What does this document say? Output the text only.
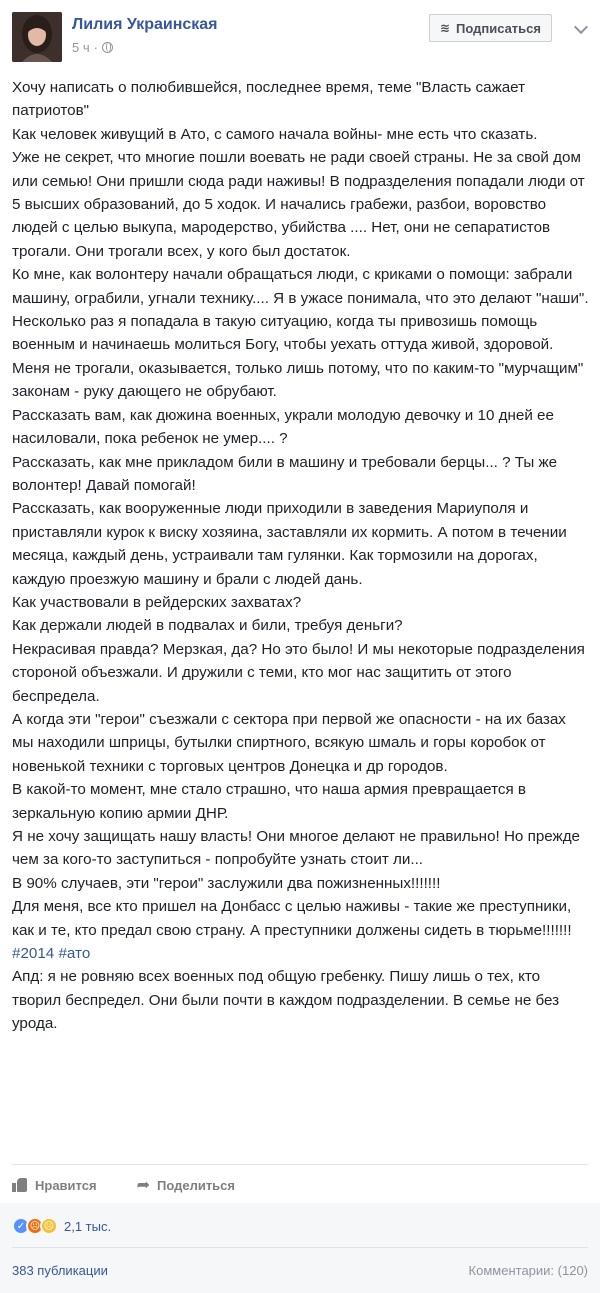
Лилия Украинская
5 ч ·
≋ Подписаться

Хочу написать о полюбившейся, последнее время, теме "Власть сажает патриотов"

Как человек живущий в Ато, с самого начала войны- мне есть что сказать.

Уже не секрет, что многие пошли воевать не ради своей страны. Не за свой дом или семью! Они пришли сюда ради наживы! В подразделения попадали люди от 5 высших образований, до 5 ходок. И начались грабежи, разбои, воровство людей с целью выкупа, мародерство, убийства .... Нет, они не сепаратистов трогали. Они трогали всех, у кого был достаток.

Ко мне, как волонтеру начали обращаться люди, с криками о помощи: забрали машину, ограбили, угнали технику.... Я в ужасе понимала, что это делают "наши".

Несколько раз я попадала в такую ситуацию, когда ты привозишь помощь военным и начинаешь молиться Богу, чтобы уехать оттуда живой, здоровой. Меня не трогали, оказывается, только лишь потому, что по каким-то "мурчащим" законам - руку дающего не обрубают.

Рассказать вам, как дюжина военных, украли молодую девочку и 10 дней ее насиловали, пока ребенок не умер.... ?

Рассказать, как мне прикладом били в машину и требовали берцы... ? Ты же волонтер! Давай помогай!

Рассказать, как вооруженные люди приходили в заведения Мариуполя и приставляли курок к виску хозяина, заставляли их кормить. А потом в течении месяца, каждый день, устраивали там гулянки. Как тормозили на дорогах, каждую проезжую машину и брали с людей дань.

Как участвовали в рейдерских захватах?

Как держали людей в подвалах и били, требуя деньги?

Некрасивая правда? Мерзкая, да? Но это было! И мы некоторые подразделения стороной объезжали. И дружили с теми, кто мог нас защитить от этого беспредела.

А когда эти "герои" съезжали с сектора при первой же опасности - на их базах мы находили шприцы, бутылки спиртного, всякую шмаль и горы коробок от новенькой техники с торговых центров Донецка и др городов.

В какой-то момент, мне стало страшно, что наша армия превращается в зеркальную копию армии ДНР.

Я не хочу защищать нашу власть! Они многое делают не правильно! Но прежде чем за кого-то заступиться - попробуйте узнать стоит ли...

В 90% случаев, эти "герои" заслужили два пожизненных!!!!!!!

Для меня, все кто пришел на Донбасс с целью наживы - такие же преступники, как и те, кто предал свою страну. А преступники должены сидеть в тюрьме!!!!!!!

#2014 #ато

Апд: я не ровняю всех военных под общую гребенку. Пишу лишь о тех, кто творил беспредел. Они были почти в каждом подразделении. В семье не без урода.

Нравится	➦ Поделиться
✓ ☹ ☹ 2,1 тыс.
383 публикации	Комментарии: (120)
